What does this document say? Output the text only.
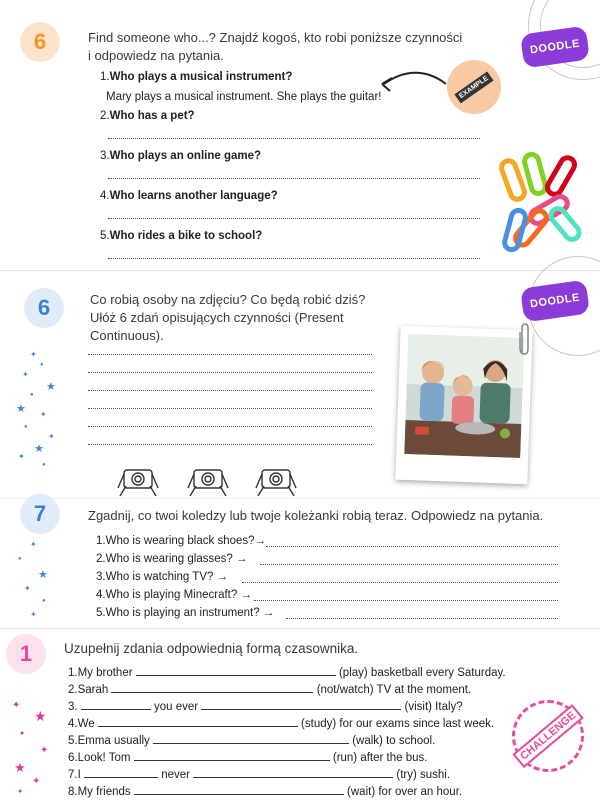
6	Find someone who...? Znajdź kogoś, kto robi poniższe czynności i odpowiedz na pytania.	DOODLE
1.Who plays a musical instrument?
Mary plays a musical instrument. She plays the guitar!	EXAMPLE
2.Who has a pet?
3.Who plays an online game?
4.Who learns another language?
5.Who rides a bike to school?
6	Co robią osoby na zdjęciu? Co będą robić dziś? Ułóż 6 zdań opisujących czynności (Present Continuous).
DOODLE
✦
●
✦
★
●
★ ✦
●
✦
★
✦
●
7	Zgadnij, co twoi koledzy lub twoje koleżanki robią teraz. Odpowiedz na pytania.
1.Who is wearing black shoes?→
2.Who is wearing glasses? →
3.Who is watching TV? →
4.Who is playing Minecraft? →
5.Who is playing an instrument? →
✦
●
★
✦
●
✦
1 Uzupełnij zdania odpowiednią formą czasownika.
1.My brother	(play) basketball every Saturday.
2.Sarah	(not/watch) TV at the moment.
3.	you ever	(visit) Italy?
4.We	(study) for our exams since last week.
5.Emma usually	(walk) to school.
6.Look! Tom	(run) after the bus.
7.I	never	(try) sushi.
8.My friends	(wait) for over an hour.
✦
★
●
✦
★
✦
●
CHALLENGE
